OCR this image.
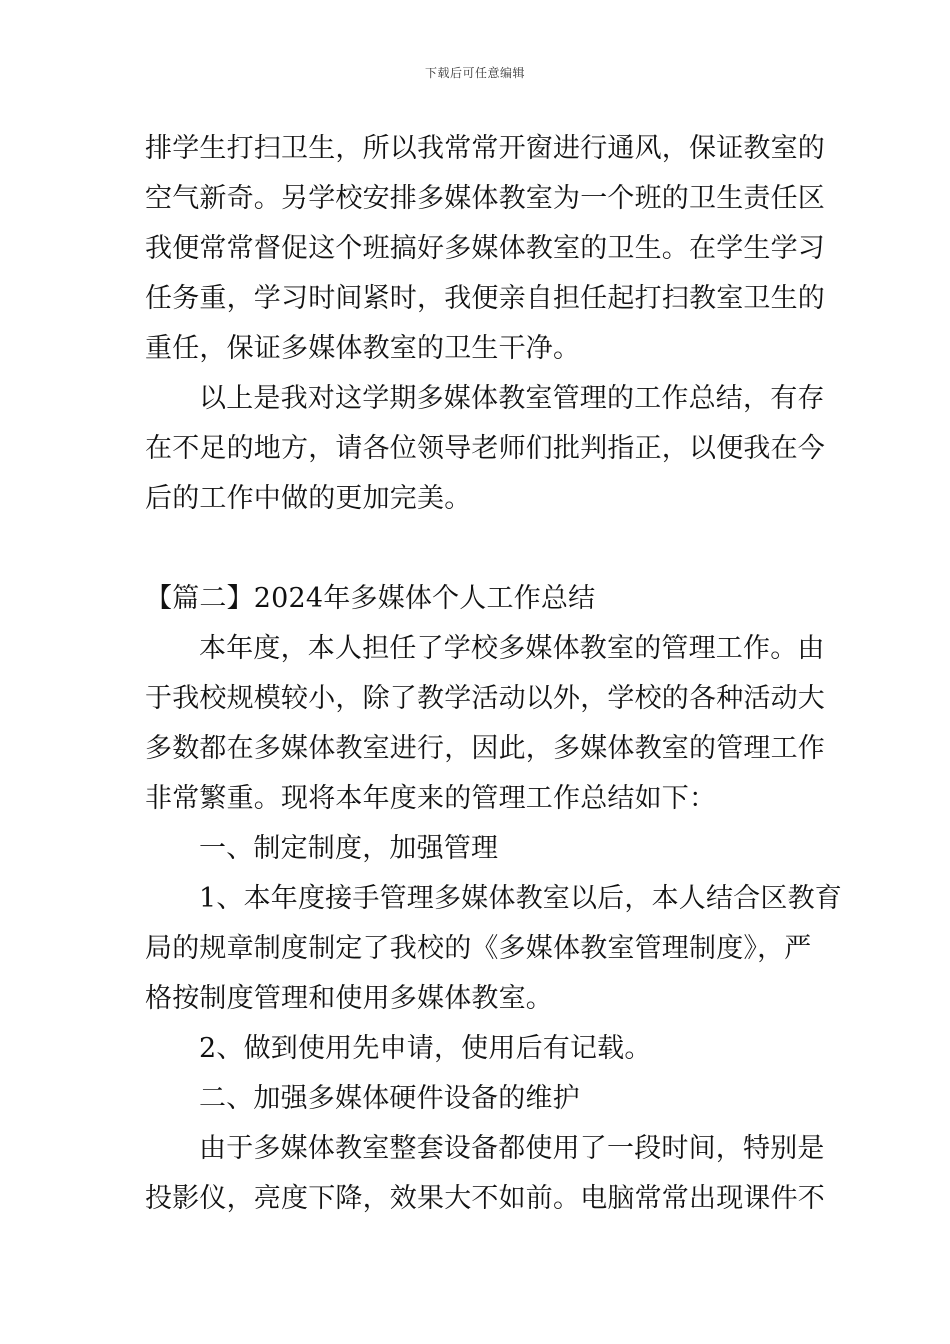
下载后可任意编辑
排学生打扫卫生，所以我常常开窗进行通风，保证教室的
空气新奇。另学校安排多媒体教室为一个班的卫生责任区
我便常常督促这个班搞好多媒体教室的卫生。在学生学习
任务重，学习时间紧时，我便亲自担任起打扫教室卫生的
重任，保证多媒体教室的卫生干净。
以上是我对这学期多媒体教室管理的工作总结，有存
在不足的地方，请各位领导老师们批判指正，以便我在今
后的工作中做的更加完美。
【篇二】2024年多媒体个人工作总结
本年度，本人担任了学校多媒体教室的管理工作。由
于我校规模较小，除了教学活动以外，学校的各种活动大
多数都在多媒体教室进行，因此，多媒体教室的管理工作
非常繁重。现将本年度来的管理工作总结如下：
一、制定制度，加强管理
1、本年度接手管理多媒体教室以后，本人结合区教育
局的规章制度制定了我校的《多媒体教室管理制度》，严
格按制度管理和使用多媒体教室。
2、做到使用先申请，使用后有记载。
二、加强多媒体硬件设备的维护
由于多媒体教室整套设备都使用了一段时间，特别是
投影仪，亮度下降，效果大不如前。电脑常常出现课件不
